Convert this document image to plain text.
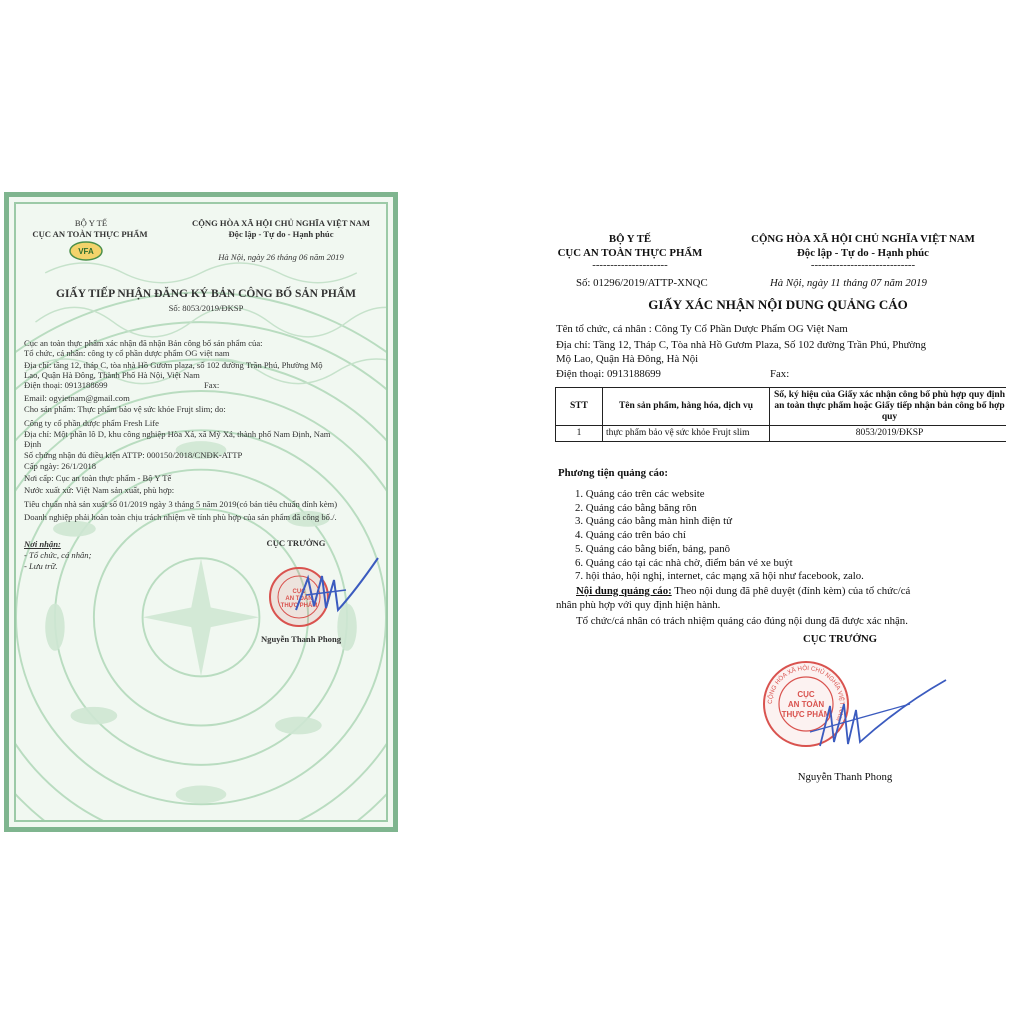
BỘ Y TẾ
CỤC AN TOÀN THỰC PHẨM
VFA
CỘNG HÒA XÃ HỘI CHỦ NGHĨA VIỆT NAM
Độc lập - Tự do - Hạnh phúc
Hà Nội, ngày 26 tháng 06 năm 2019
GIẤY TIẾP NHẬN ĐĂNG KÝ BẢN CÔNG BỐ SẢN PHẨM
Số: 8053/2019/ĐKSP
Cục an toàn thực phẩm xác nhận đã nhận Bản công bố sản phẩm của:
Tổ chức, cá nhân: công ty cổ phần dược phẩm OG việt nam
Địa chỉ: tầng 12, tháp C, tòa nhà Hồ Gươm plaza, số 102 đường Trần Phú, Phường Mộ
Lao, Quận Hà Đông, Thành Phố Hà Nội, Việt Nam
Điện thoại: 0913188699	Fax:
Email: ogvietnam@gmail.com
Cho sản phẩm: Thực phẩm bảo vệ sức khỏe Frujt slim; do:
Công ty cổ phần dược phẩm Fresh Life
Địa chỉ: Một phần lô D, khu công nghiệp Hòa Xá, xã Mỹ Xá, thành phố Nam Định, Nam
Định
Số chứng nhận đủ điều kiện ATTP: 000150/2018/CNĐK-ATTP
Cấp ngày: 26/1/2018
Nơi cấp: Cục an toàn thực phẩm - Bộ Y Tế
Nước xuất xứ: Việt Nam sản xuất, phù hợp:
Tiêu chuẩn nhà sản xuất số 01/2019 ngày 3 tháng 5 năm 2019(có bản tiêu chuẩn đính kèm)
Doanh nghiệp phải hoàn toàn chịu trách nhiệm về tính phù hợp của sản phẩm đã công bố./.
Nơi nhận:
- Tổ chức, cá nhân;
- Lưu trữ.
CỤC TRƯỞNG
CỤC
AN TOÀN
THỰC PHẨM
Nguyễn Thanh Phong
BỘ Y TẾ
CỤC AN TOÀN THỰC PHẨM
---------------------
CỘNG HÒA XÃ HỘI CHỦ NGHĨA VIỆT NAM
Độc lập - Tự do - Hạnh phúc
-----------------------------
Số: 01296/2019/ATTP-XNQC	Hà Nội, ngày 11 tháng 07 năm 2019
GIẤY XÁC NHẬN NỘI DUNG QUẢNG CÁO
Tên tổ chức, cá nhân : Công Ty Cổ Phần Dược Phẩm OG Việt Nam
Địa chỉ: Tầng 12, Tháp C, Tòa nhà Hồ Gươm Plaza, Số 102 đường Trần Phú, Phường
Mộ Lao, Quận Hà Đông, Hà Nội
Điện thoại: 0913188699	Fax:
STT	Tên sản phẩm, hàng hóa, dịch vụ	Số, ký hiệu của Giấy xác nhận công bố phù hợp quy định an toàn thực phẩm hoặc Giấy tiếp nhận bản công bố hợp quy
1	thực phẩm bảo vệ sức khỏe Frujt slim	8053/2019/ĐKSP
Phương tiện quảng cáo:
1. Quảng cáo trên các website
2. Quảng cáo bằng băng rôn
3. Quảng cáo bằng màn hình điện tử
4. Quảng cáo trên báo chí
5. Quảng cáo bằng biển, bảng, panô
6. Quảng cáo tại các nhà chờ, điểm bán vé xe buýt
7. hội thảo, hội nghị, internet, các mạng xã hội như facebook, zalo.
Nội dung quảng cáo: Theo nội dung đã phê duyệt (đính kèm) của tổ chức/cá
nhân phù hợp với quy định hiện hành.
Tổ chức/cá nhân có trách nhiệm quảng cáo đúng nội dung đã được xác nhận.
CỤC TRƯỞNG
CỘNG HÒA XÃ HỘI CHỦ NGHĨA VIỆT NAM
CỤC
AN TOÀN
THỰC PHẨM
Nguyễn Thanh Phong
